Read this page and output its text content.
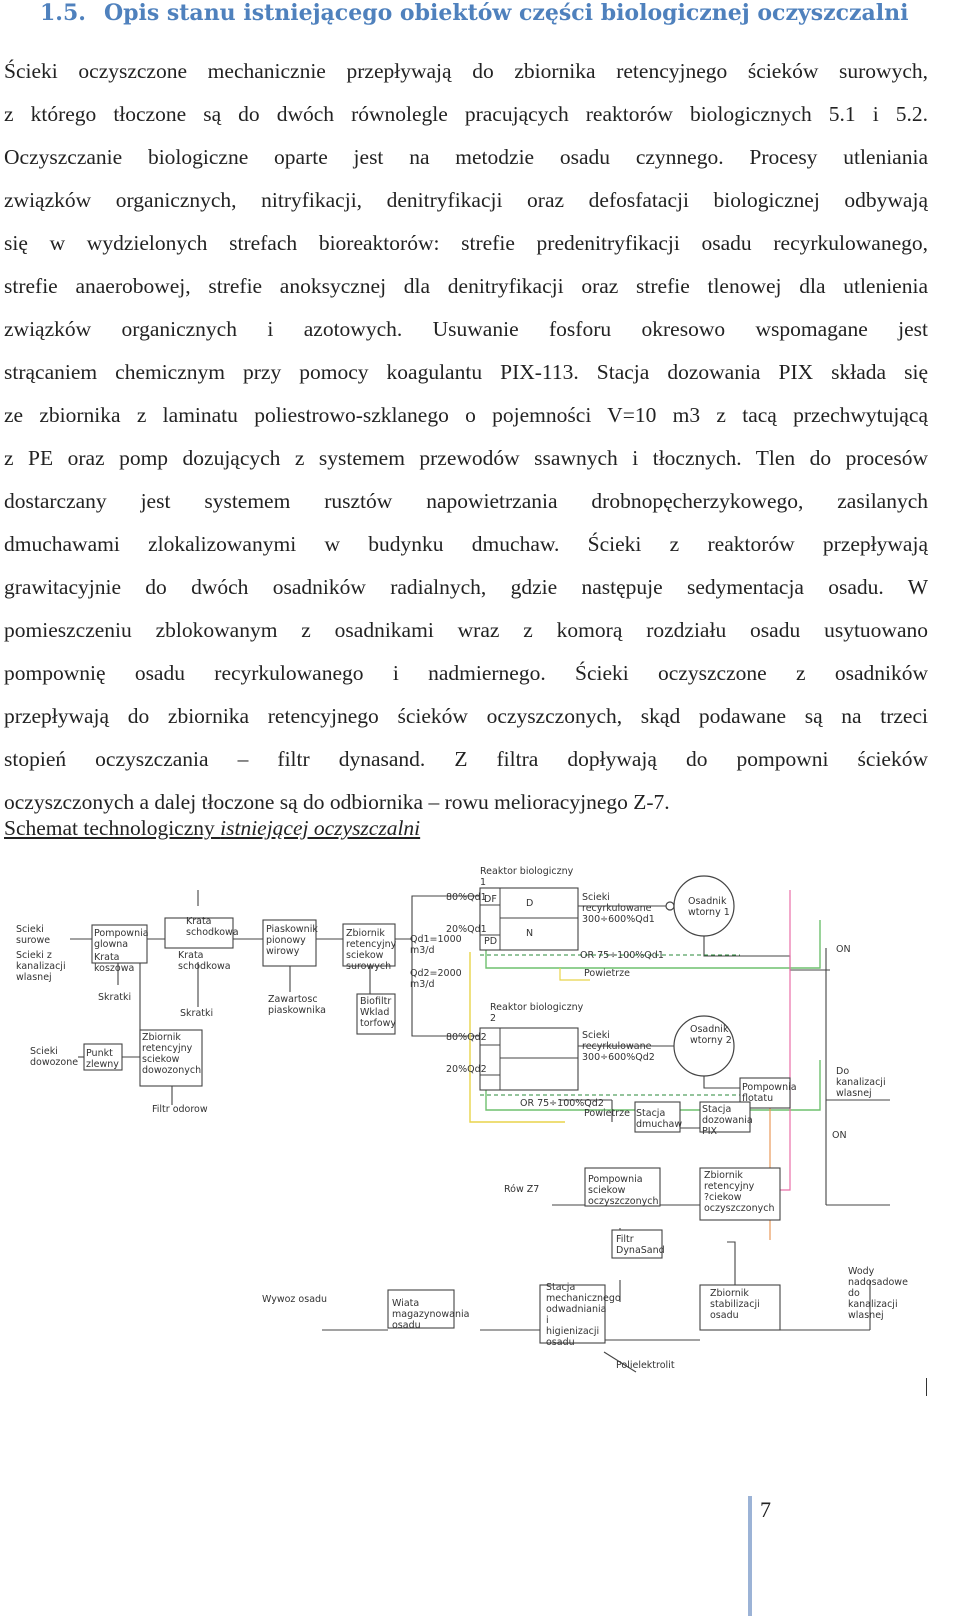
1.5. Opis stanu istniejącego obiektów części biologicznej oczyszczalni
Ścieki oczyszczone mechanicznie przepływają do zbiornika retencyjnego ścieków surowych,
z którego tłoczone są do dwóch równolegle pracujących reaktorów biologicznych 5.1 i 5.2.
Oczyszczanie biologiczne oparte jest na metodzie osadu czynnego. Procesy utleniania
związków organicznych, nitryfikacji, denitryfikacji oraz defosfatacji biologicznej odbywają
się w wydzielonych strefach bioreaktorów: strefie predenitryfikacji osadu recyrkulowanego,
strefie anaerobowej, strefie anoksycznej dla denitryfikacji oraz strefie tlenowej dla utlenienia
związków organicznych i azotowych. Usuwanie fosforu okresowo wspomagane jest
strącaniem chemicznym przy pomocy koagulantu PIX-113. Stacja dozowania PIX składa się
ze zbiornika z laminatu poliestrowo-szklanego o pojemności V=10 m3 z tacą przechwytującą
z PE oraz pomp dozujących z systemem przewodów ssawnych i tłocznych. Tlen do procesów
dostarczany jest systemem rusztów napowietrzania drobnopęcherzykowego, zasilanych
dmuchawami zlokalizowanymi w budynku dmuchaw. Ścieki z reaktorów przepływają
grawitacyjnie do dwóch osadników radialnych, gdzie następuje sedymentacja osadu. W
pomieszczeniu zblokowanym z osadnikami wraz z komorą rozdziału osadu usytuowano
pompownię osadu recyrkulowanego i nadmiernego. Ścieki oczyszczone z osadników
przepływają do zbiornika retencyjnego ścieków oczyszczonych, skąd podawane są na trzeci
stopień oczyszczania – filtr dynasand. Z filtra dopływają do pompowni ścieków
oczyszczonych a dalej tłoczone są do odbiornika – rowu melioracyjnego Z-7.
Schemat technologiczny istniejącej oczyszczalni
Scieki surowe
Scieki z kanalizacji wlasnej
Pompownia glowna
Krata koszowa
Krata schodkowa
Krata schodkowa
Skratki
Skratki
Piaskownik pionowy wirowy
Zawartosc piaskownika
Zbiornik retencyjny sciekow surowych
Biofiltr Wklad torfowy
Qd1=1000 m3/d
Qd2=2000 m3/d
80%Qd1
20%Qd1
80%Qd2
20%Qd2
Reaktor biologiczny 1
Reaktor biologiczny 2
DF
PD
D
N
Scieki recyrkulowane 300÷600%Qd1
Scieki recyrkulowane 300÷600%Qd2
Osadnik wtorny 1
Osadnik wtorny 2
OR 75÷100%Qd1
OR 75÷100%Qd2
Powietrze
Powietrze
ON
ON
Pompownia flotatu
Do kanalizacji wlasnej
Scieki dowozone
Punkt zlewny
Zbiornik retencyjny sciekow dowozonych
Filtr odorow	Stacja dmuchaw
Stacja dozowania PIX
Rów Z7
Pompownia sciekow oczyszczonych
Zbiornik retencyjny ?ciekow oczyszczonych
Filtr DynaSand
Wody nadosadowe do kanalizacji wlasnej
Wywoz osadu	Wiata magazynowania osadu
Stacja mechanicznego odwadniania i higienizacji osadu
Polielektrolit
Zbiornik stabilizacji osadu
7
